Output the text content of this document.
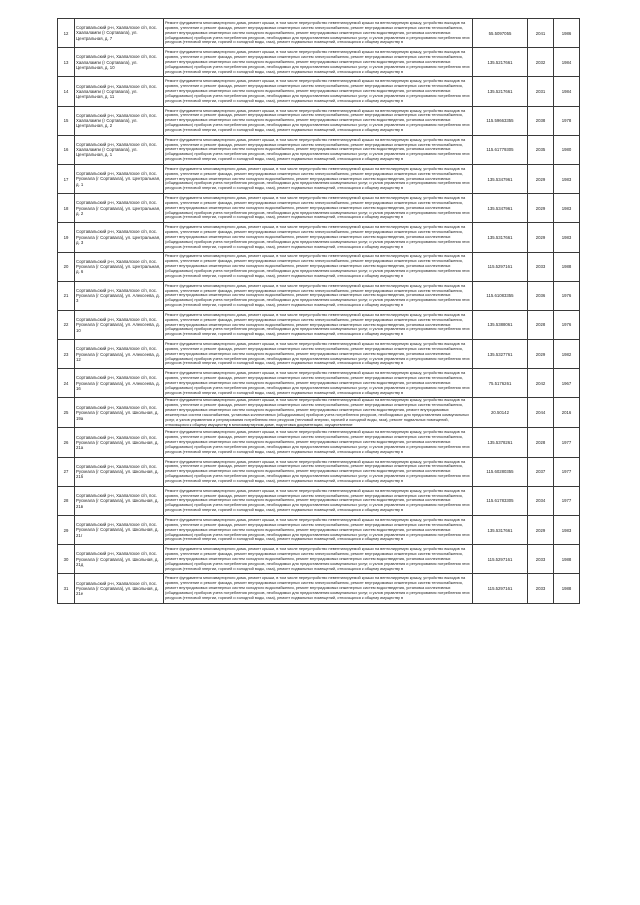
12	Сортавальский р-н, Хаапалское с/п, пос. Хаапалампи (г Сортавала), ул. Центральная, д. 7	Ремонт фундамента многоквартирного дома, ремонт крыши, в том числе переустройство невентилируемой крыши на вентилируемую крышу, устройство выходов на кровлю, утепление и ремонт фасада, ремонт внутридомовых инженерных систем электроснабжения, ремонт внутридомовых инженерных систем теплоснабжения, ремонт внутридомовых инженерных систем холодного водоснабжения, ремонт внутридомовых инженерных систем водоотведения, установка коллективных (общедомовых) приборов учета потребления ресурсов, необходимых для предоставления коммунальных услуг, и узлов управления и регулирования потребления этих ресурсов (тепловой энергии, горячей и холодной воды, газа), ремонт подвальных помещений, относящихся к общему имуществу в	55.5097055	2041	1986

13	Сортавальский р-н, Хаапалское с/п, пос. Хаапалампи (г Сортавала), ул. Центральная, д. 10	Ремонт фундамента многоквартирного дома, ремонт крыши, в том числе переустройство невентилируемой крыши на вентилируемую крышу, устройство выходов на кровлю, утепление и ремонт фасада, ремонт внутридомовых инженерных систем электроснабжения, ремонт внутридомовых инженерных систем теплоснабжения, ремонт внутридомовых инженерных систем холодного водоснабжения, ремонт внутридомовых инженерных систем водоотведения, установка коллективных (общедомовых) приборов учета потребления ресурсов, необходимых для предоставления коммунальных услуг, и узлов управления и регулирования потребления этих ресурсов (тепловой энергии, горячей и холодной воды, газа), ремонт подвальных помещений, относящихся к общему имуществу в	135.5217661	2032	1984

14	Сортавальский р-н, Хаапалское с/п, пос. Хаапалампи (г Сортавала), ул. Центральная, д. 11	Ремонт фундамента многоквартирного дома, ремонт крыши, в том числе переустройство невентилируемой крыши на вентилируемую крышу, устройство выходов на кровлю, утепление и ремонт фасада, ремонт внутридомовых инженерных систем электроснабжения, ремонт внутридомовых инженерных систем теплоснабжения, ремонт внутридомовых инженерных систем холодного водоснабжения, ремонт внутридомовых инженерных систем водоотведения, установка коллективных (общедомовых) приборов учета потребления ресурсов, необходимых для предоставления коммунальных услуг, и узлов управления и регулирования потребления этих ресурсов (тепловой энергии, горячей и холодной воды, газа), ремонт подвальных помещений, относящихся к общему имуществу в	135.5217661	2031	1984

15	Сортавальский р-н, Хаапалское с/п, пос. Хаапалампи (г Сортавала), ул. Центральная, д. 2	Ремонт фундамента многоквартирного дома, ремонт крыши, в том числе переустройство невентилируемой крыши на вентилируемую крышу, устройство выходов на кровлю, утепление и ремонт фасада, ремонт внутридомовых инженерных систем электроснабжения, ремонт внутридомовых инженерных систем теплоснабжения, ремонт внутридомовых инженерных систем холодного водоснабжения, ремонт внутридомовых инженерных систем водоотведения, установка коллективных (общедомовых) приборов учета потребления ресурсов, необходимых для предоставления коммунальных услуг, и узлов управления и регулирования потребления этих ресурсов (тепловой энергии, горячей и холодной воды, газа), ремонт подвальных помещений, относящихся к общему имуществу в	115.59663355	2038	1978

16	Сортавальский р-н, Хаапалское с/п, пос. Хаапалампи (г Сортавала), ул. Центральная, д. 1	Ремонт фундамента многоквартирного дома, ремонт крыши, в том числе переустройство невентилируемой крыши на вентилируемую крышу, устройство выходов на кровлю, утепление и ремонт фасада, ремонт внутридомовых инженерных систем электроснабжения, ремонт внутридомовых инженерных систем теплоснабжения, ремонт внутридомовых инженерных систем холодного водоснабжения, ремонт внутридомовых инженерных систем водоотведения, установка коллективных (общедомовых) приборов учета потребления ресурсов, необходимых для предоставления коммунальных услуг, и узлов управления и регулирования потребления этих ресурсов (тепловой энергии, горячей и холодной воды, газа), ремонт подвальных помещений, относящихся к общему имуществу в	115.61779305	2035	1980

17	Сортавальский р-н, Хаапалское с/п, пос. Рускеала (г Сортавала), ул. Центральная, д. 1	Ремонт фундамента многоквартирного дома, ремонт крыши, в том числе переустройство невентилируемой крыши на вентилируемую крышу, устройство выходов на кровлю, утепление и ремонт фасада, ремонт внутридомовых инженерных систем электроснабжения, ремонт внутридомовых инженерных систем теплоснабжения, ремонт внутридомовых инженерных систем холодного водоснабжения, ремонт внутридомовых инженерных систем водоотведения, установка коллективных (общедомовых) приборов учета потребления ресурсов, необходимых для предоставления коммунальных услуг, и узлов управления и регулирования потребления этих ресурсов (тепловой энергии, горячей и холодной воды, газа), ремонт подвальных помещений, относящихся к общему имуществу в	135.5347961	2029	1983

18	Сортавальский р-н, Хаапалское с/п, пос. Рускеала (г Сортавала), ул. Центральная, д. 2	Ремонт фундамента многоквартирного дома, ремонт крыши, в том числе переустройство невентилируемой крыши на вентилируемую крышу, устройство выходов на кровлю, утепление и ремонт фасада, ремонт внутридомовых инженерных систем электроснабжения, ремонт внутридомовых инженерных систем теплоснабжения, ремонт внутридомовых инженерных систем холодного водоснабжения, ремонт внутридомовых инженерных систем водоотведения, установка коллективных (общедомовых) приборов учета потребления ресурсов, необходимых для предоставления коммунальных услуг, и узлов управления и регулирования потребления этих ресурсов (тепловой энергии, горячей и холодной воды, газа), ремонт подвальных помещений, относящихся к общему имуществу в	135.5347961	2029	1983

19	Сортавальский р-н, Хаапалское с/п, пос. Рускеала (г Сортавала), ул. Центральная, д. 3	Ремонт фундамента многоквартирного дома, ремонт крыши, в том числе переустройство невентилируемой крыши на вентилируемую крышу, устройство выходов на кровлю, утепление и ремонт фасада, ремонт внутридомовых инженерных систем электроснабжения, ремонт внутридомовых инженерных систем теплоснабжения, ремонт внутридомовых инженерных систем холодного водоснабжения, ремонт внутридомовых инженерных систем водоотведения, установка коллективных (общедомовых) приборов учета потребления ресурсов, необходимых для предоставления коммунальных услуг, и узлов управления и регулирования потребления этих ресурсов (тепловой энергии, горячей и холодной воды, газа), ремонт подвальных помещений, относящихся к общему имуществу в	135.5317661	2029	1983

20	Сортавальский р-н, Хаапалское с/п, пос. Рускеала (г Сортавала), ул. Центральная, д. 6	Ремонт фундамента многоквартирного дома, ремонт крыши, в том числе переустройство невентилируемой крыши на вентилируемую крышу, устройство выходов на кровлю, утепление и ремонт фасада, ремонт внутридомовых инженерных систем электроснабжения, ремонт внутридомовых инженерных систем теплоснабжения, ремонт внутридомовых инженерных систем холодного водоснабжения, ремонт внутридомовых инженерных систем водоотведения, установка коллективных (общедомовых) приборов учета потребления ресурсов, необходимых для предоставления коммунальных услуг, и узлов управления и регулирования потребления этих ресурсов (тепловой энергии, горячей и холодной воды, газа), ремонт подвальных помещений, относящихся к общему имуществу в	115.5297161	2033	1988

21	Сортавальский р-н, Хаапалское с/п, пос. Рускеала (г Сортавала), ул. Алексеева, д. 3	Ремонт фундамента многоквартирного дома, ремонт крыши, в том числе переустройство невентилируемой крыши на вентилируемую крышу, устройство выходов на кровлю, утепление и ремонт фасада, ремонт внутридомовых инженерных систем электроснабжения, ремонт внутридомовых инженерных систем теплоснабжения, ремонт внутридомовых инженерных систем холодного водоснабжения, ремонт внутридомовых инженерных систем водоотведения, установка коллективных (общедомовых) приборов учета потребления ресурсов, необходимых для предоставления коммунальных услуг, и узлов управления и регулирования потребления этих ресурсов (тепловой энергии, горячей и холодной воды, газа), ремонт подвальных помещений, относящихся к общему имуществу в	115.61083355	2036	1976

22	Сортавальский р-н, Хаапалское с/п, пос. Рускеала (г Сортавала), ул. Алексеева, д. 10	Ремонт фундамента многоквартирного дома, ремонт крыши, в том числе переустройство невентилируемой крыши на вентилируемую крышу, устройство выходов на кровлю, утепление и ремонт фасада, ремонт внутридомовых инженерных систем электроснабжения, ремонт внутридомовых инженерных систем теплоснабжения, ремонт внутридомовых инженерных систем холодного водоснабжения, ремонт внутридомовых инженерных систем водоотведения, установка коллективных (общедомовых) приборов учета потребления ресурсов, необходимых для предоставления коммунальных услуг, и узлов управления и регулирования потребления этих ресурсов (тепловой энергии, горячей и холодной воды, газа), ремонт подвальных помещений, относящихся к общему имуществу в	135.5388061	2028	1976

23	Сортавальский р-н, Хаапалское с/п, пос. Рускеала (г Сортавала), ул. Алексеева, д. 12	Ремонт фундамента многоквартирного дома, ремонт крыши, в том числе переустройство невентилируемой крыши на вентилируемую крышу, устройство выходов на кровлю, утепление и ремонт фасада, ремонт внутридомовых инженерных систем электроснабжения, ремонт внутридомовых инженерных систем теплоснабжения, ремонт внутридомовых инженерных систем холодного водоснабжения, ремонт внутридомовых инженерных систем водоотведения, установка коллективных (общедомовых) приборов учета потребления ресурсов, необходимых для предоставления коммунальных услуг, и узлов управления и регулирования потребления этих ресурсов (тепловой энергии, горячей и холодной воды, газа), ремонт подвальных помещений, относящихся к общему имуществу в	135.5327761	2029	1982

24	Сортавальский р-н, Хаапалское с/п, пос. Рускеала (г Сортавала), ул. Алексеева, д. 16	Ремонт фундамента многоквартирного дома, ремонт крыши, в том числе переустройство невентилируемой крыши на вентилируемую крышу, устройство выходов на кровлю, утепление и ремонт фасада, ремонт внутридомовых инженерных систем электроснабжения, ремонт внутридомовых инженерных систем теплоснабжения, ремонт внутридомовых инженерных систем холодного водоснабжения, ремонт внутридомовых инженерных систем водоотведения, установка коллективных (общедомовых) приборов учета потребления ресурсов, необходимых для предоставления коммунальных услуг, и узлов управления и регулирования потребления этих ресурсов (тепловой энергии, горячей и холодной воды, газа), ремонт подвальных помещений, относящихся к общему имуществу в	75.5176261	2042	1967

25	Сортавальский р-н, Хаапалское с/п, пос. Рускеала (г Сортавала), ул. Школьная, д. 19а	Ремонт фундамента многоквартирного дома, ремонт крыши, в том числе переустройство невентилируемой крыши на вентилируемую крышу, устройство выходов на кровлю, утепление и ремонт фасада, ремонт внутридомовых инженерных систем электроснабжения, ремонт внутридомовых инженерных систем теплоснабжения, ремонт внутридомовых инженерных систем холодного водоснабжения, ремонт внутридомовых инженерных систем водоотведения, ремонт внутридомовых инженерных систем газоснабжения, установка коллективных (общедомовых) приборов учета потребления ресурсов, необходимых для предоставления коммунальных услуг, и узлов управления и регулирования потребления этих ресурсов (тепловой энергии, горячей и холодной воды, газа), ремонт подвальных помещений, относящихся к общему имуществу в многоквартирном доме, подготовка документации, осуществление	20.50142	2044	2016

26	Сортавальский р-н, Хаапалское с/п, пос. Рускеала (г Сортавала), ул. Школьная, д. 21а	Ремонт фундамента многоквартирного дома, ремонт крыши, в том числе переустройство невентилируемой крыши на вентилируемую крышу, устройство выходов на кровлю, утепление и ремонт фасада, ремонт внутридомовых инженерных систем электроснабжения, ремонт внутридомовых инженерных систем теплоснабжения, ремонт внутридомовых инженерных систем холодного водоснабжения, ремонт внутридомовых инженерных систем водоотведения, установка коллективных (общедомовых) приборов учета потребления ресурсов, необходимых для предоставления коммунальных услуг, и узлов управления и регулирования потребления этих ресурсов (тепловой энергии, горячей и холодной воды, газа), ремонт подвальных помещений, относящихся к общему имуществу в	135.5378261	2028	1977

27	Сортавальский р-н, Хаапалское с/п, пос. Рускеала (г Сортавала), ул. Школьная, д. 21б	Ремонт фундамента многоквартирного дома, ремонт крыши, в том числе переустройство невентилируемой крыши на вентилируемую крышу, устройство выходов на кровлю, утепление и ремонт фасада, ремонт внутридомовых инженерных систем электроснабжения, ремонт внутридомовых инженерных систем теплоснабжения, ремонт внутридомовых инженерных систем холодного водоснабжения, ремонт внутридомовых инженерных систем водоотведения, установка коллективных (общедомовых) приборов учета потребления ресурсов, необходимых для предоставления коммунальных услуг, и узлов управления и регулирования потребления этих ресурсов (тепловой энергии, горячей и холодной воды, газа), ремонт подвальных помещений, относящихся к общему имуществу в	115.60280355	2037	1977

28	Сортавальский р-н, Хаапалское с/п, пос. Рускеала (г Сортавала), ул. Школьная, д. 21в	Ремонт фундамента многоквартирного дома, ремонт крыши, в том числе переустройство невентилируемой крыши на вентилируемую крышу, устройство выходов на кровлю, утепление и ремонт фасада, ремонт внутридомовых инженерных систем электроснабжения, ремонт внутридомовых инженерных систем теплоснабжения, ремонт внутридомовых инженерных систем холодного водоснабжения, ремонт внутридомовых инженерных систем водоотведения, установка коллективных (общедомовых) приборов учета потребления ресурсов, необходимых для предоставления коммунальных услуг, и узлов управления и регулирования потребления этих ресурсов (тепловой энергии, горячей и холодной воды, газа), ремонт подвальных помещений, относящихся к общему имуществу в	115.61783305	2034	1977

29	Сортавальский р-н, Хаапалское с/п, пос. Рускеала (г Сортавала), ул. Школьная, д. 21г	Ремонт фундамента многоквартирного дома, ремонт крыши, в том числе переустройство невентилируемой крыши на вентилируемую крышу, устройство выходов на кровлю, утепление и ремонт фасада, ремонт внутридомовых инженерных систем электроснабжения, ремонт внутридомовых инженерных систем теплоснабжения, ремонт внутридомовых инженерных систем холодного водоснабжения, ремонт внутридомовых инженерных систем водоотведения, установка коллективных (общедомовых) приборов учета потребления ресурсов, необходимых для предоставления коммунальных услуг, и узлов управления и регулирования потребления этих ресурсов (тепловой энергии, горячей и холодной воды, газа), ремонт подвальных помещений, относящихся к общему имуществу в	135.5317661	2029	1983

30	Сортавальский р-н, Хаапалское с/п, пос. Рускеала (г Сортавала), ул. Школьная, д. 21д	Ремонт фундамента многоквартирного дома, ремонт крыши, в том числе переустройство невентилируемой крыши на вентилируемую крышу, устройство выходов на кровлю, утепление и ремонт фасада, ремонт внутридомовых инженерных систем электроснабжения, ремонт внутридомовых инженерных систем теплоснабжения, ремонт внутридомовых инженерных систем холодного водоснабжения, ремонт внутридомовых инженерных систем водоотведения, установка коллективных (общедомовых) приборов учета потребления ресурсов, необходимых для предоставления коммунальных услуг, и узлов управления и регулирования потребления этих ресурсов (тепловой энергии, горячей и холодной воды, газа), ремонт подвальных помещений, относящихся к общему имуществу в	115.5297161	2033	1988

31	Сортавальский р-н, Хаапалское с/п, пос. Рускеала (г Сортавала), ул. Школьная, д. 21е	Ремонт фундамента многоквартирного дома, ремонт крыши, в том числе переустройство невентилируемой крыши на вентилируемую крышу, устройство выходов на кровлю, утепление и ремонт фасада, ремонт внутридомовых инженерных систем электроснабжения, ремонт внутридомовых инженерных систем теплоснабжения, ремонт внутридомовых инженерных систем холодного водоснабжения, ремонт внутридомовых инженерных систем водоотведения, установка коллективных (общедомовых) приборов учета потребления ресурсов, необходимых для предоставления коммунальных услуг, и узлов управления и регулирования потребления этих ресурсов (тепловой энергии, горячей и холодной воды, газа), ремонт подвальных помещений, относящихся к общему имуществу в	115.5297161	2033	1988
